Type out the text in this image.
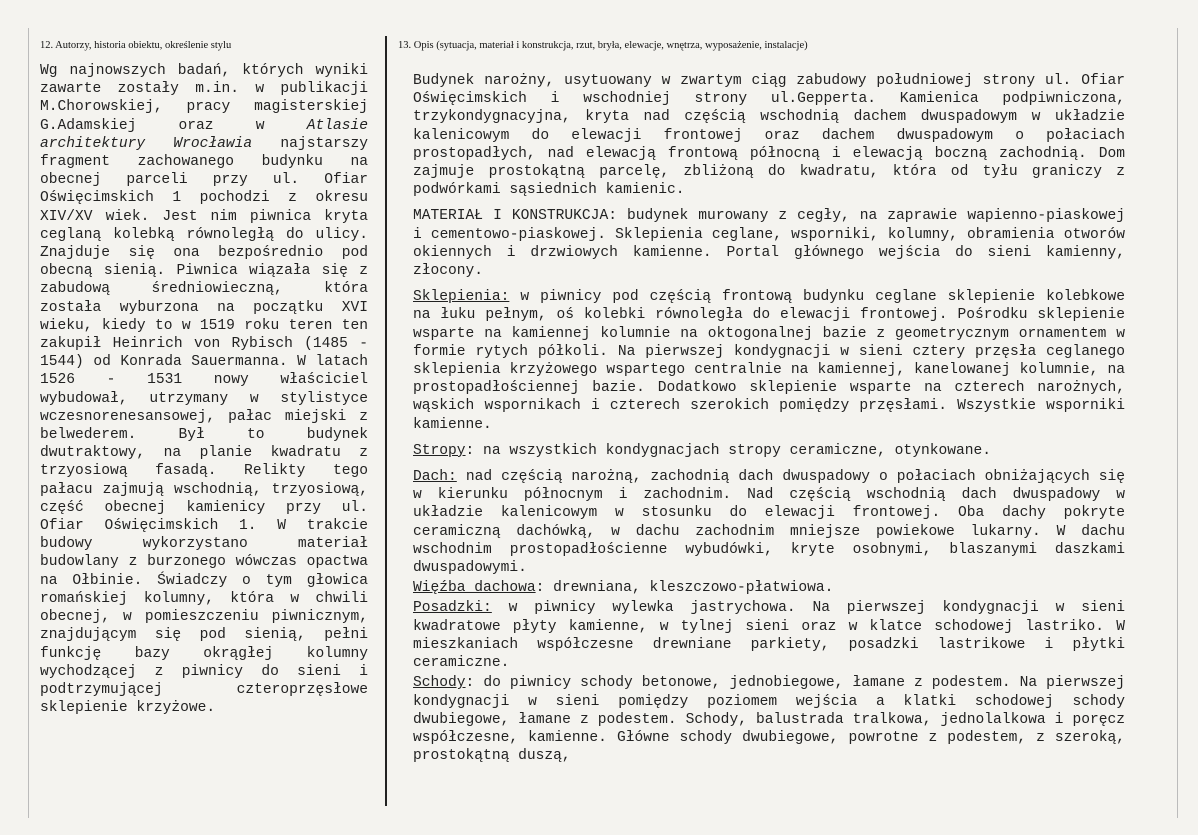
12. Autorzy, historia obiektu, określenie stylu	13. Opis (sytuacja, materiał i konstrukcja, rzut, bryła, elewacje, wnętrza, wyposażenie, instalacje)

Wg najnowszych badań, których wyniki zawarte zostały m.in. w publikacji M.Chorowskiej, pracy magisterskiej G.Adamskiej oraz w Atlasie architektury Wrocławia najstarszy fragment zachowanego budynku na obecnej parceli przy ul. Ofiar Oświęcimskich 1 pochodzi z okresu XIV/XV wiek. Jest nim piwnica kryta ceglaną kolebką równoległą do ulicy. Znajduje się ona bezpośrednio pod obecną sienią. Piwnica wiązała się z zabudową średniowieczną, która została wyburzona na początku XVI wieku, kiedy to w 1519 roku teren ten zakupił Heinrich von Rybisch (1485 - 1544) od Konrada Sauermanna. W latach 1526 - 1531 nowy właściciel wybudował, utrzymany w stylistyce wczesnorenesansowej, pałac miejski z belwederem. Był to budynek dwutraktowy, na planie kwadratu z trzyosiową fasadą. Relikty tego pałacu zajmują wschodnią, trzyosiową, część obecnej kamienicy przy ul. Ofiar Oświęcimskich 1. W trakcie budowy wykorzystano materiał budowlany z burzonego wówczas opactwa na Ołbinie. Świadczy o tym głowica romańskiej kolumny, która w chwili obecnej, w pomieszczeniu piwnicznym, znajdującym się pod sienią, pełni funkcję bazy okrągłej kolumny wychodzącej z piwnicy do sieni i podtrzymującej czteroprzęsłowe sklepienie krzyżowe.

Budynek narożny, usytuowany w zwartym ciąg zabudowy południowej strony ul. Ofiar Oświęcimskich i wschodniej strony ul.Gepperta. Kamienica podpiwniczona, trzykondygnacyjna, kryta nad częścią wschodnią dachem dwuspadowym w układzie kalenicowym do elewacji frontowej oraz dachem dwuspadowym o połaciach prostopadłych, nad elewacją frontową północną i elewacją boczną zachodnią. Dom zajmuje prostokątną parcelę, zbliżoną do kwadratu, która od tyłu graniczy z podwórkami sąsiednich kamienic.

MATERIAŁ I KONSTRUKCJA: budynek murowany z cegły, na zaprawie wapienno-piaskowej i cementowo-piaskowej. Sklepienia ceglane, wsporniki, kolumny, obramienia otworów okiennych i drzwiowych kamienne. Portal głównego wejścia do sieni kamienny, złocony.

Sklepienia: w piwnicy pod częścią frontową budynku ceglane sklepienie kolebkowe na łuku pełnym, oś kolebki równoległa do elewacji frontowej. Pośrodku sklepienie wsparte na kamiennej kolumnie na oktogonalnej bazie z geometrycznym ornamentem w formie rytych półkoli. Na pierwszej kondygnacji w sieni cztery przęsła ceglanego sklepienia krzyżowego wspartego centralnie na kamiennej, kanelowanej kolumnie, na prostopadłościennej bazie. Dodatkowo sklepienie wsparte na czterech narożnych, wąskich wspornikach i czterech szerokich pomiędzy przęsłami. Wszystkie wsporniki kamienne.

Stropy: na wszystkich kondygnacjach stropy ceramiczne, otynkowane.

Dach: nad częścią narożną, zachodnią dach dwuspadowy o połaciach obniżających się w kierunku północnym i zachodnim. Nad częścią wschodnią dach dwuspadowy w układzie kalenicowym w stosunku do elewacji frontowej. Oba dachy pokryte ceramiczną dachówką, w dachu zachodnim mniejsze powiekowe lukarny. W dachu wschodnim prostopadłościenne wybudówki, kryte osobnymi, blaszanymi daszkami dwuspadowymi.

Więźba dachowa: drewniana, kleszczowo-płatwiowa.

Posadzki: w piwnicy wylewka jastrychowa. Na pierwszej kondygnacji w sieni kwadratowe płyty kamienne, w tylnej sieni oraz w klatce schodowej lastriko. W mieszkaniach współczesne drewniane parkiety, posadzki lastrikowe i płytki ceramiczne.

Schody: do piwnicy schody betonowe, jednobiegowe, łamane z podestem. Na pierwszej kondygnacji w sieni pomiędzy poziomem wejścia a klatki schodowej schody dwubiegowe, łamane z podestem. Schody, balustrada tralkowa, jednolalkowa i poręcz współczesne, kamienne. Główne schody dwubiegowe, powrotne z podestem, z szeroką, prostokątną duszą,
